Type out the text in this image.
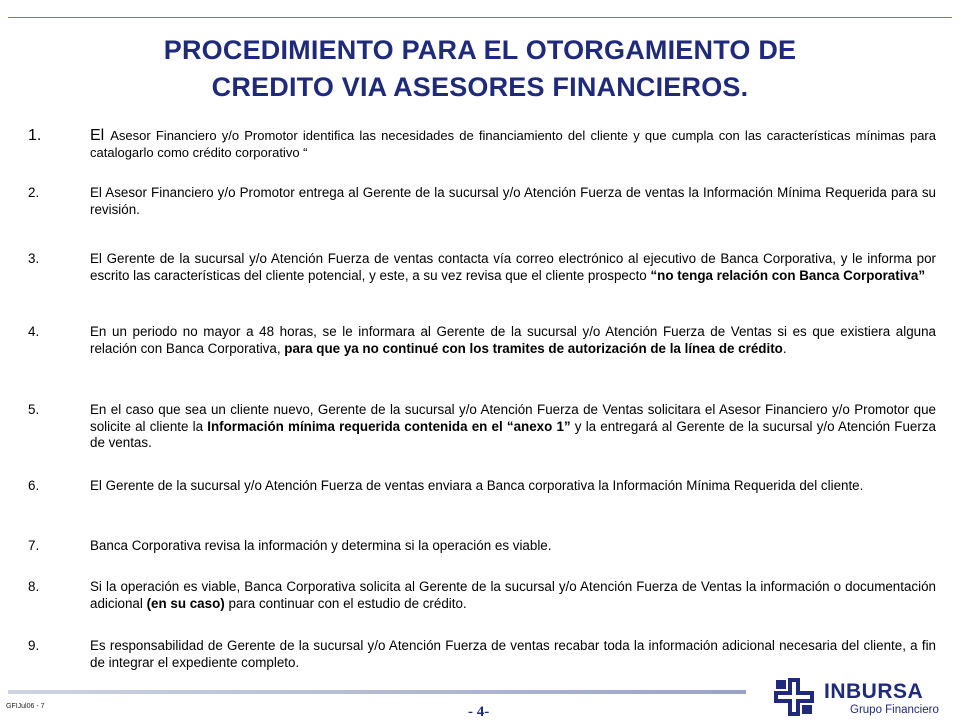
PROCEDIMIENTO PARA EL OTORGAMIENTO DE
CREDITO VIA ASESORES FINANCIEROS.
1.	El Asesor Financiero y/o Promotor identifica las necesidades de financiamiento del cliente y que cumpla con las características mínimas para catalogarlo como crédito corporativo “
2.	El Asesor Financiero y/o Promotor entrega al Gerente de la sucursal y/o Atención Fuerza de ventas la Información Mínima Requerida para su revisión.
3.	El Gerente de la sucursal y/o Atención Fuerza de ventas contacta vía correo electrónico al ejecutivo de Banca Corporativa, y le informa por escrito las características del cliente potencial, y este, a su vez revisa que el cliente prospecto “no tenga relación con Banca Corporativa”
4.	En un periodo no mayor a 48 horas, se le informara al Gerente de la sucursal y/o Atención Fuerza de Ventas si es que existiera alguna relación con Banca Corporativa, para que ya no continué con los tramites de autorización de la línea de crédito.
5.	En el caso que sea un cliente nuevo, Gerente de la sucursal y/o Atención Fuerza de Ventas solicitara el Asesor Financiero y/o Promotor que solicite al cliente la Información mínima requerida contenida en el “anexo 1” y la entregará al Gerente de la sucursal y/o Atención Fuerza de ventas.
6.	El Gerente de la sucursal y/o Atención Fuerza de ventas enviara a Banca corporativa la Información Mínima Requerida del cliente.
7.	Banca Corporativa revisa la información y determina si la operación es viable.
8.	Si la operación es viable, Banca Corporativa solicita al Gerente de la sucursal y/o Atención Fuerza de Ventas la información o documentación adicional (en su caso) para continuar con el estudio de crédito.
9.	Es responsabilidad de Gerente de la sucursal y/o Atención Fuerza de ventas recabar toda la información adicional necesaria del cliente, a fin de integrar el expediente completo.
GFIJul06 - 7	- 4-
INBURSA
Grupo Financiero
